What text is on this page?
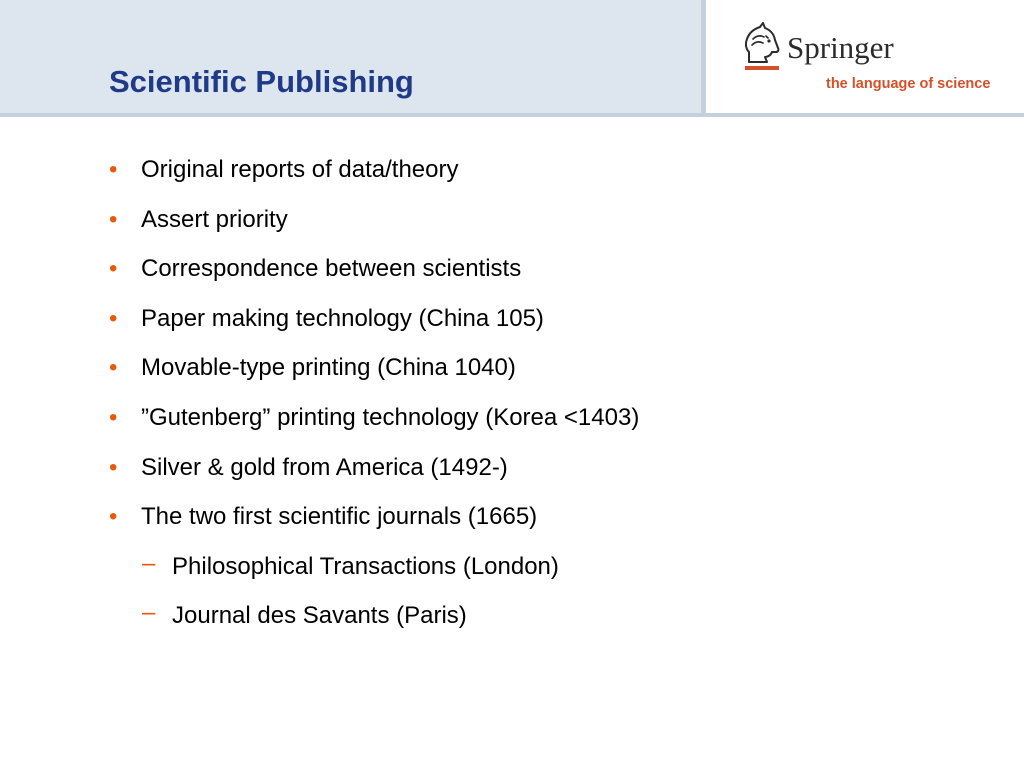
Scientific Publishing
Springer
the language of science
• Original reports of data/theory
• Assert priority
• Correspondence between scientists
• Paper making technology (China 105)
• Movable-type printing (China 1040)
• ”Gutenberg” printing technology (Korea <1403)
• Silver & gold from America (1492-)
• The two first scientific journals (1665)
– Philosophical Transactions (London)
– Journal des Savants (Paris)
